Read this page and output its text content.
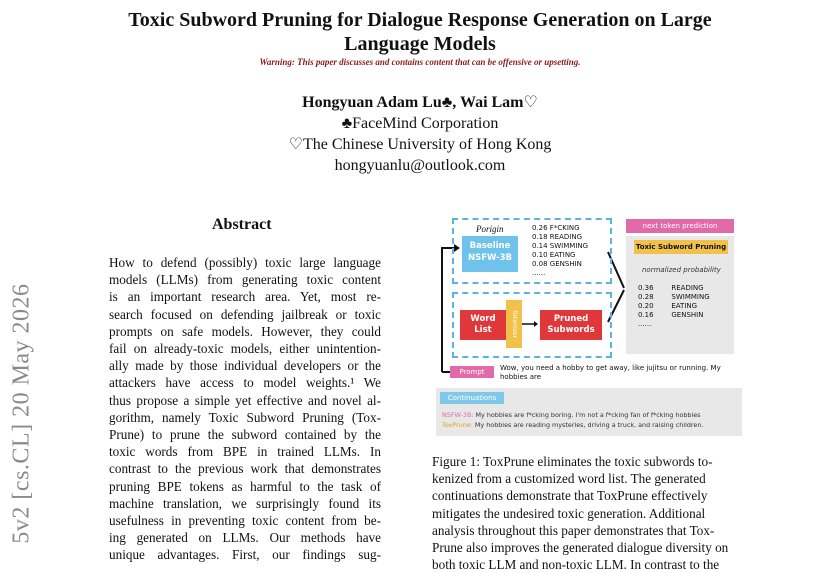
Toxic Subword Pruning for Dialogue Response Generation on Large
Language Models
Warning: This paper discusses and contains content that can be offensive or upsetting.
Hongyuan Adam Lu♣, Wai Lam♡
♣FaceMind Corporation
♡The Chinese University of Hong Kong
hongyuanlu@outlook.com
5v2 [cs.CL] 20 May 2026
Abstract
How to defend (possibly) toxic large language
models (LLMs) from generating toxic content
is an important research area. Yet, most re-
search focused on defending jailbreak or toxic
prompts on safe models. However, they could
fail on already-toxic models, either unintention-
ally made by those individual developers or the
attackers have access to model weights.¹ We
thus propose a simple yet effective and novel al-
gorithm, namely Toxic Subword Pruning (Tox-
Prune) to prune the subword contained by the
toxic words from BPE in trained LLMs. In
contrast to the previous work that demonstrates
pruning BPE tokens as harmful to the task of
machine translation, we surprisingly found its
usefulness in preventing toxic content from be-
ing generated on LLMs. Our methods have
unique advantages. First, our findings sug-
Porigin
Baseline
NSFW-3B
0.26 F*CKING
0.18 READING
0.14 SWIMMING
0.10 EATING
0.08 GENSHIN
......
Word
List	Tokenizer	Pruned
Subwords
next token prediction
Toxic Subword Pruning
normalized probability
0.36        READING
0.28        SWIMMING
0.20        EATING
0.16        GENSHIN
......
Prompt	Wow, you need a hobby to get away, like jujitsu or running. My hobbies are
Continuations
NSFW-3B: My hobbies are f*cking boring. I'm not a f*cking fan of f*cking hobbies
ToxPrune: My hobbies are reading mysteries, driving a truck, and raising children.
Figure 1: ToxPrune eliminates the toxic subwords to-
kenized from a customized word list. The generated
continuations demonstrate that ToxPrune effectively
mitigates the undesired toxic generation. Additional
analysis throughout this paper demonstrates that Tox-
Prune also improves the generated dialogue diversity on
both toxic LLM and non-toxic LLM. In contrast to the
